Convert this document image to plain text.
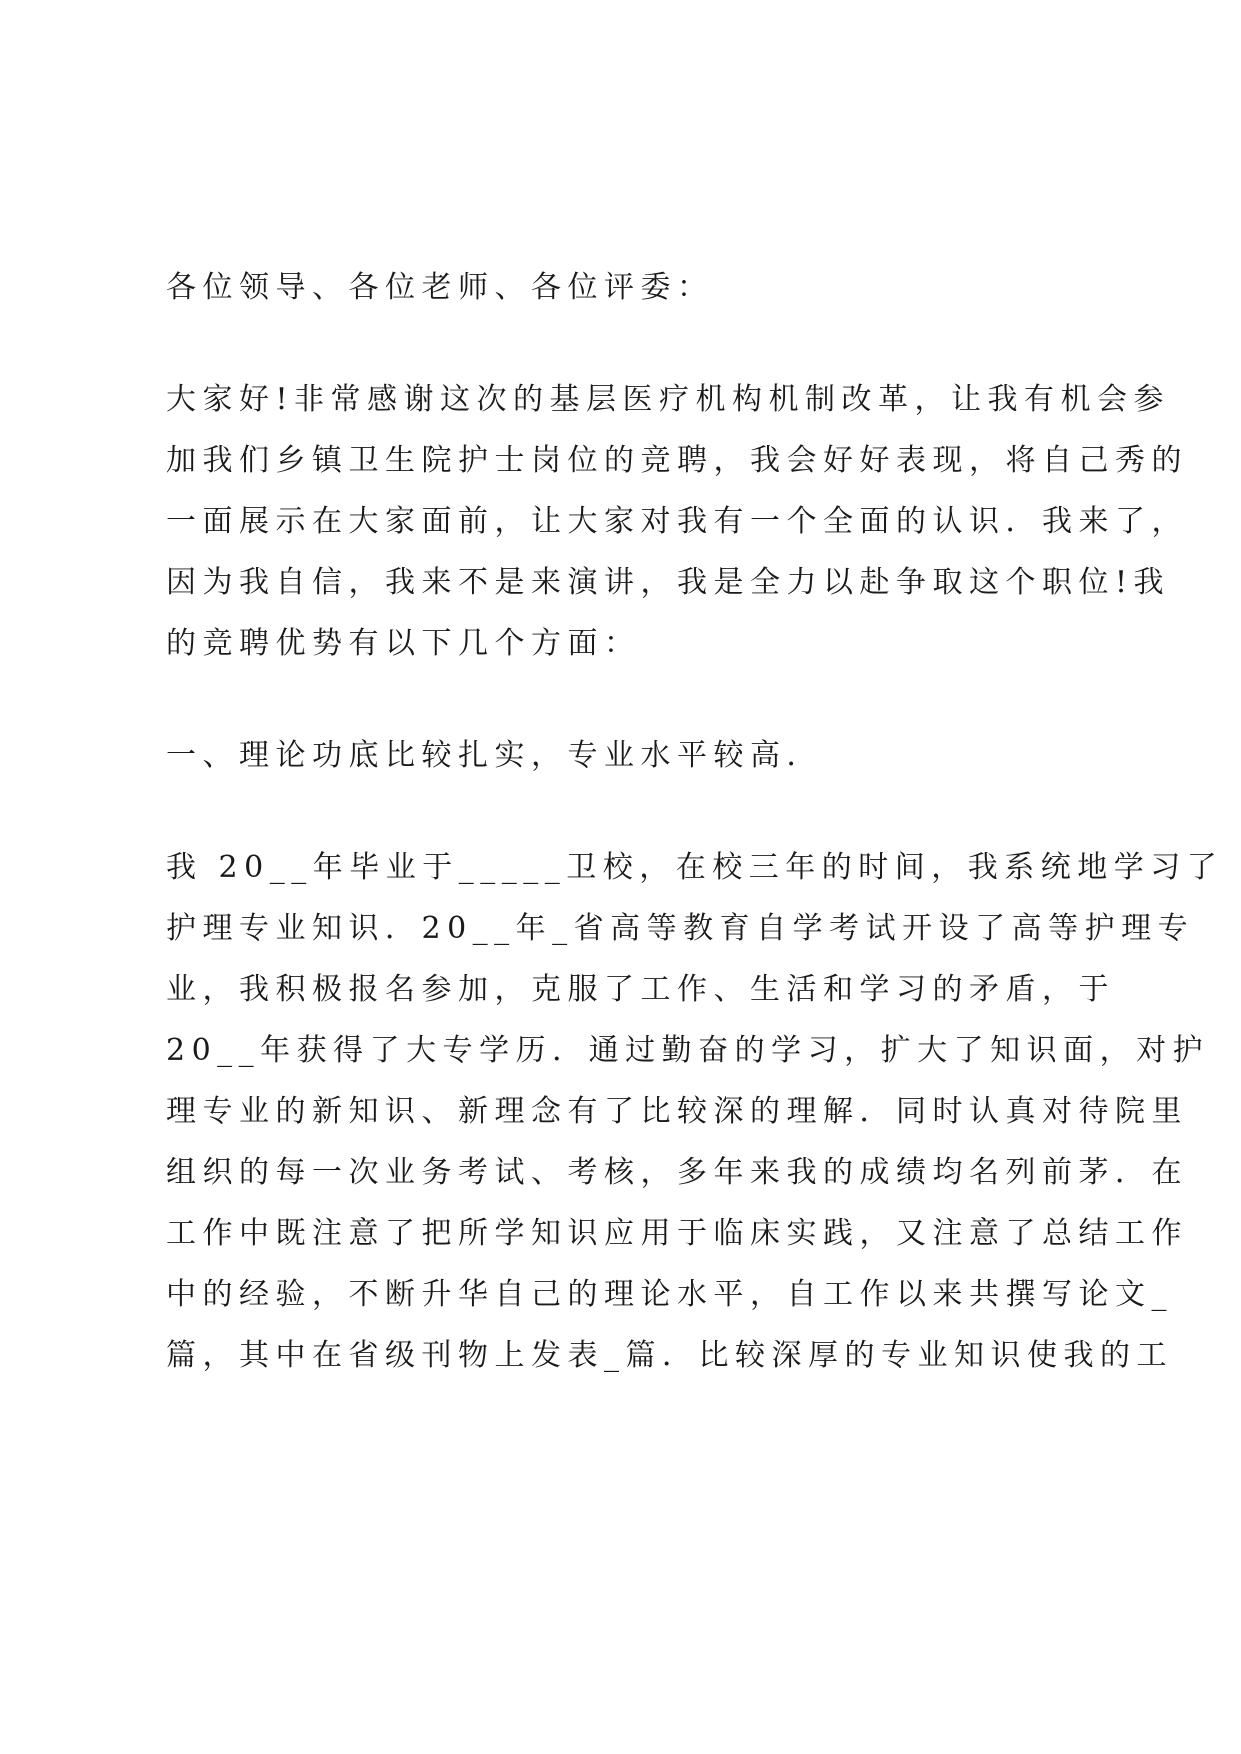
各位领导、各位老师、各位评委：
大家好!非常感谢这次的基层医疗机构机制改革，让我有机会参
加我们乡镇卫生院护士岗位的竞聘，我会好好表现，将自己秀的
一面展示在大家面前，让大家对我有一个全面的认识．我来了，
因为我自信，我来不是来演讲，我是全力以赴争取这个职位!我
的竞聘优势有以下几个方面：
一、理论功底比较扎实，专业水平较高．
我 20__年毕业于_____卫校，在校三年的时间，我系统地学习了
护理专业知识．20__年_省高等教育自学考试开设了高等护理专
业，我积极报名参加，克服了工作、生活和学习的矛盾，于
20__年获得了大专学历．通过勤奋的学习，扩大了知识面，对护
理专业的新知识、新理念有了比较深的理解．同时认真对待院里
组织的每一次业务考试、考核，多年来我的成绩均名列前茅．在
工作中既注意了把所学知识应用于临床实践，又注意了总结工作
中的经验，不断升华自己的理论水平，自工作以来共撰写论文_
篇，其中在省级刊物上发表_篇．比较深厚的专业知识使我的工
